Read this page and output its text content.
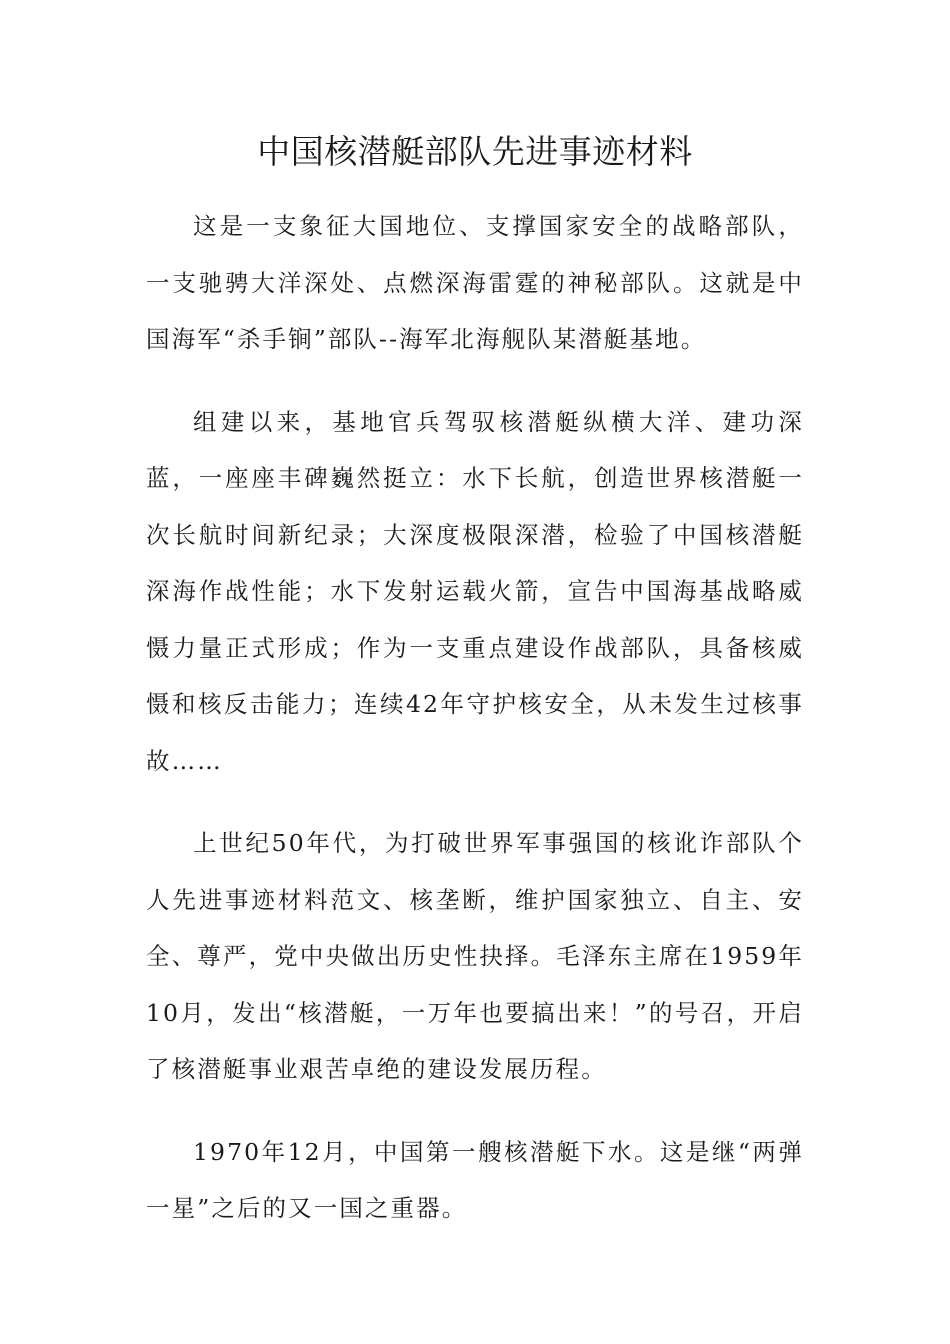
中国核潜艇部队先进事迹材料

这是一支象征大国地位、支撑国家安全的战略部队，一支驰骋大洋深处、点燃深海雷霆的神秘部队。这就是中国海军“杀手锏”部队--海军北海舰队某潜艇基地。

组建以来，基地官兵驾驭核潜艇纵横大洋、建功深蓝，一座座丰碑巍然挺立：水下长航，创造世界核潜艇一次长航时间新纪录；大深度极限深潜，检验了中国核潜艇深海作战性能；水下发射运载火箭，宣告中国海基战略威慑力量正式形成；作为一支重点建设作战部队，具备核威慑和核反击能力；连续42年守护核安全，从未发生过核事故……

上世纪50年代，为打破世界军事强国的核讹诈部队个人先进事迹材料范文、核垄断，维护国家独立、自主、安全、尊严，党中央做出历史性抉择。毛泽东主席在1959年10月，发出“核潜艇，一万年也要搞出来！”的号召，开启了核潜艇事业艰苦卓绝的建设发展历程。

1970年12月，中国第一艘核潜艇下水。这是继“两弹一星”之后的又一国之重器。
